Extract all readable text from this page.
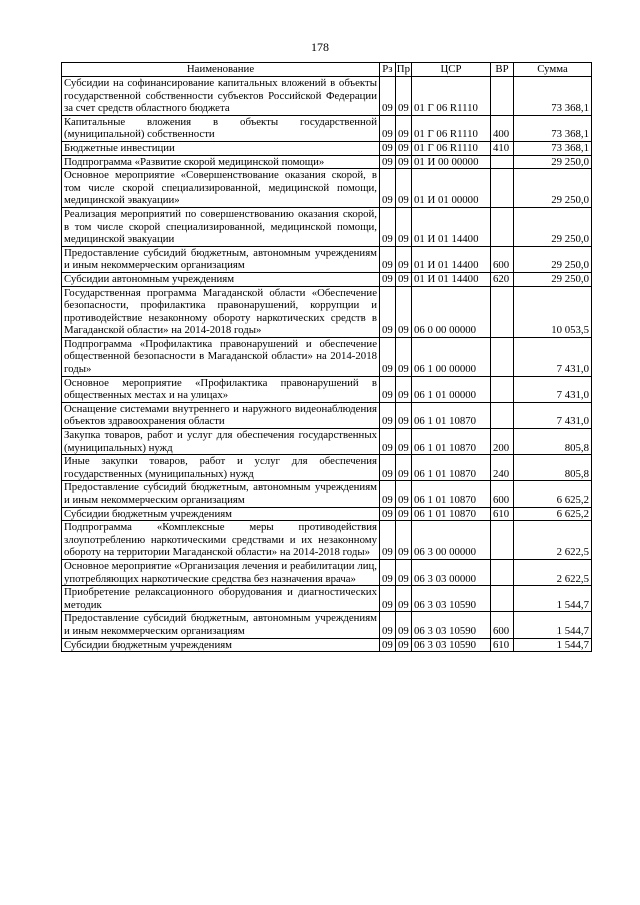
178
Наименование	Рз	Пр	ЦСР	ВР	Сумма
Субсидии на софинансирование капитальных вложений в объекты государственной собственности субъектов Российской Федерации за счет средств областного бюджета	09	09	01 Г 06 R1110		73 368,1
Капитальные вложения в объекты государственной (муниципальной) собственности	09	09	01 Г 06 R1110	400	73 368,1
Бюджетные инвестиции	09	09	01 Г 06 R1110	410	73 368,1
Подпрограмма «Развитие скорой медицинской помощи»	09	09	01 И 00 00000		29 250,0
Основное мероприятие «Совершенствование оказания скорой, в том числе скорой специализированной, медицинской помощи, медицинской эвакуации»	09	09	01 И 01 00000		29 250,0
Реализация мероприятий по совершенствованию оказания скорой, в том числе скорой специализированной, медицинской помощи, медицинской эвакуации	09	09	01 И 01 14400		29 250,0
Предоставление субсидий бюджетным, автономным учреждениям и иным некоммерческим организациям	09	09	01 И 01 14400	600	29 250,0
Субсидии автономным учреждениям	09	09	01 И 01 14400	620	29 250,0
Государственная программа Магаданской области «Обеспечение безопасности, профилактика правонарушений, коррупции и противодействие незаконному обороту наркотических средств в Магаданской области» на 2014-2018 годы»	09	09	06 0 00 00000		10 053,5
Подпрограмма «Профилактика правонарушений и обеспечение общественной безопасности в Магаданской области» на 2014-2018 годы»	09	09	06 1 00 00000		7 431,0
Основное мероприятие «Профилактика правонарушений в общественных местах и на улицах»	09	09	06 1 01 00000		7 431,0
Оснащение системами внутреннего и наружного видеонаблюдения объектов здравоохранения области	09	09	06 1 01 10870		7 431,0
Закупка товаров, работ и услуг для обеспечения государственных (муниципальных) нужд	09	09	06 1 01 10870	200	805,8
Иные закупки товаров, работ и услуг для обеспечения государственных (муниципальных) нужд	09	09	06 1 01 10870	240	805,8
Предоставление субсидий бюджетным, автономным учреждениям и иным некоммерческим организациям	09	09	06 1 01 10870	600	6 625,2
Субсидии бюджетным учреждениям	09	09	06 1 01 10870	610	6 625,2
Подпрограмма «Комплексные меры противодействия злоупотреблению наркотическими средствами и их незаконному обороту на территории Магаданской области» на 2014-2018 годы»	09	09	06 3 00 00000		2 622,5
Основное мероприятие «Организация лечения и реабилитации лиц, употребляющих наркотические средства без назначения врача»	09	09	06 3 03 00000		2 622,5
Приобретение релаксационного оборудования и диагностических методик	09	09	06 3 03 10590		1 544,7
Предоставление субсидий бюджетным, автономным учреждениям и иным некоммерческим организациям	09	09	06 3 03 10590	600	1 544,7
Субсидии бюджетным учреждениям	09	09	06 3 03 10590	610	1 544,7
